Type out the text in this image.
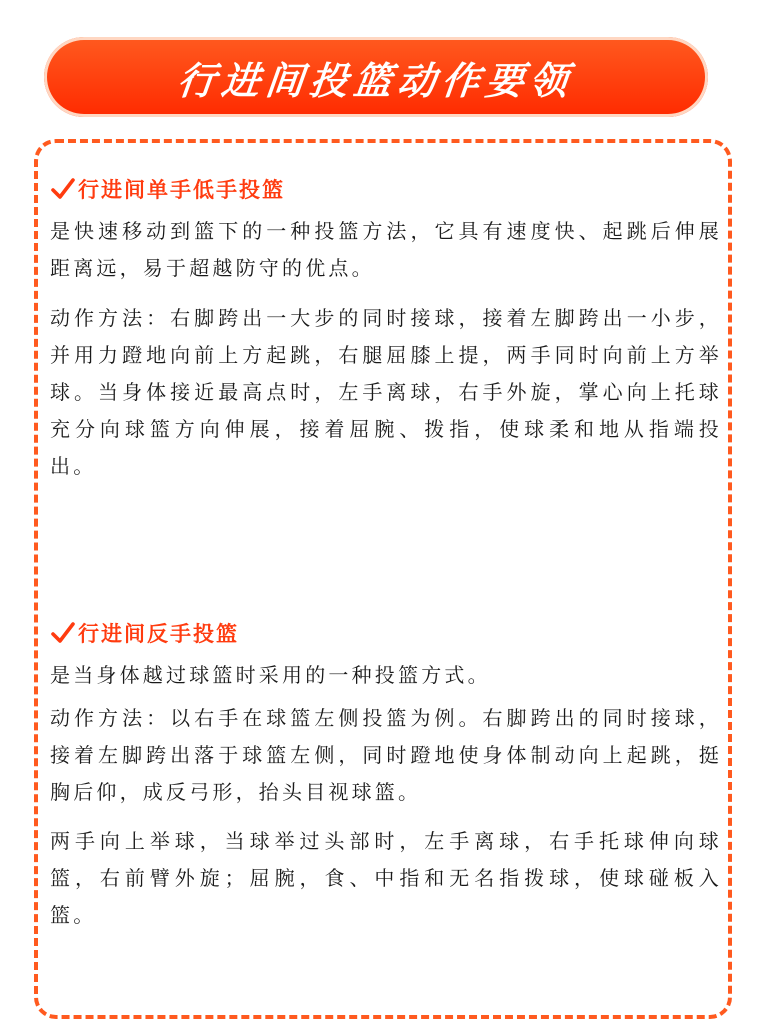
行进间投篮动作要领
行进间单手低手投篮

是快速移动到篮下的一种投篮方法，它具有速度快、起跳后伸展距离远，易于超越防守的优点。

动作方法：右脚跨出一大步的同时接球，接着左脚跨出一小步，并用力蹬地向前上方起跳，右腿屈膝上提，两手同时向前上方举球。当身体接近最高点时，左手离球，右手外旋，掌心向上托球充分向球篮方向伸展，接着屈腕、拨指，使球柔和地从指端投出。

行进间反手投篮

是当身体越过球篮时采用的一种投篮方式。

动作方法：以右手在球篮左侧投篮为例。右脚跨出的同时接球，接着左脚跨出落于球篮左侧，同时蹬地使身体制动向上起跳，挺胸后仰，成反弓形，抬头目视球篮。

两手向上举球，当球举过头部时，左手离球，右手托球伸向球篮，右前臂外旋；屈腕，食、中指和无名指拨球，使球碰板入篮。
